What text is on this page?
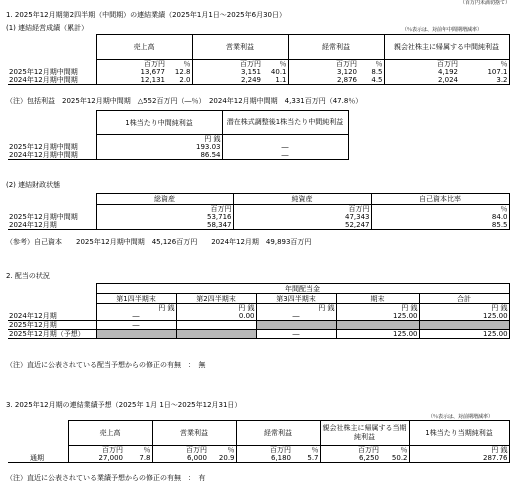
（百万円未満切捨て）
1. 2025年12月期第2四半期（中間期）の連結業績（2025年1月1日～2025年6月30日）
(1) 連結経営成績（累計）	（％表示は、対前年中間期増減率）
	売上高		営業利益		経常利益		親会社株主に帰属する中間純利益	
	百万円	％	百万円	％	百万円	％	百万円	％
2025年12月期中間期	13,677	12.8	3,151	40.1	3,120	8.5	4,192	107.1
2024年12月期中間期	12,131	2.0	2,249	1.1	2,876	4.5	2,024	3.2
（注）包括利益　2025年12月期中間期　△552百万円（―％）　2024年12月期中間期　4,331百万円（47.8％）
	1株当たり中間純利益	潜在株式調整後1株当たり中間純利益
	円 銭	
2025年12月期中間期	193.03	―
2024年12月期中間期	86.54	―
(2) 連結財政状態
	総資産	純資産	自己資本比率
	百万円	百万円	％
2025年12月期中間期	53,716	47,343	84.0
2024年12月期	58,347	52,247	85.5
（参考）自己資本　　2025年12月期中間期　45,126百万円　　2024年12月期　49,893百万円
2. 配当の状況
	年間配当金				
	第1四半期末	第2四半期末	第3四半期末	期末	合計
	円 銭	円 銭	円 銭	円 銭	円 銭
2024年12月期	―	0.00	―	125.00	125.00
2025年12月期	―				
2025年12月期（予想）			―	125.00	125.00
（注）直近に公表されている配当予想からの修正の有無　：　無
3. 2025年12月期の連結業績予想（2025年 1月 1日～2025年12月31日）
（％表示は、対前期増減率）
	売上高		営業利益		経常利益		親会社株主に帰属する当期純利益		1株当たり当期純利益
	百万円	％	百万円	％	百万円	％	百万円	％	円 銭
通期	27,000	7.8	6,000	20.9	6,180	5.7	6,250	50.2	287.76
（注）直近に公表されている業績予想からの修正の有無　：　有
